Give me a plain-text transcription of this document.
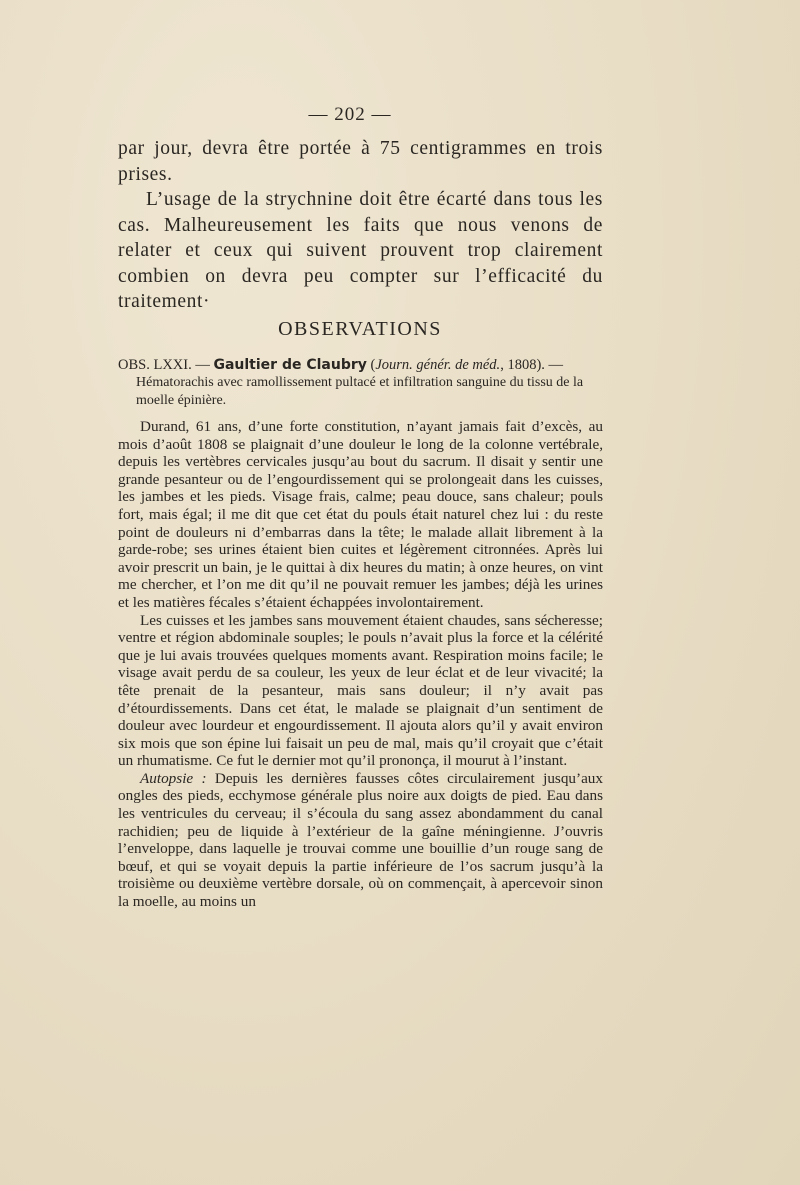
— 202 —

par jour, devra être portée à 75 centigrammes en trois prises.

L’usage de la strychnine doit être écarté dans tous les cas. Malheureusement les faits que nous venons de relater et ceux qui suivent prouvent trop clairement combien on devra peu compter sur l’efficacité du traitement·

OBSERVATIONS
OBS. LXXI. — Gaultier de Claubry (Journ. génér. de méd., 1808). —
Hématorachis avec ramollissement pultacé et infiltration sanguine du tissu de la moelle épinière.

Durand, 61 ans, d’une forte constitution, n’ayant jamais fait d’excès, au mois d’août 1808 se plaignait d’une douleur le long de la colonne vertébrale, depuis les vertèbres cervicales jusqu’au bout du sacrum. Il disait y sentir une grande pesanteur ou de l’engourdissement qui se prolongeait dans les cuisses, les jambes et les pieds. Visage frais, calme; peau douce, sans chaleur; pouls fort, mais égal; il me dit que cet état du pouls était naturel chez lui : du reste point de douleurs ni d’embarras dans la tête; le malade allait librement à la garde-robe; ses urines étaient bien cuites et légèrement citronnées. Après lui avoir prescrit un bain, je le quittai à dix heures du matin; à onze heures, on vint me chercher, et l’on me dit qu’il ne pouvait remuer les jambes; déjà les urines et les matières fécales s’étaient échappées involontairement.

Les cuisses et les jambes sans mouvement étaient chaudes, sans sécheresse; ventre et région abdominale souples; le pouls n’avait plus la force et la célérité que je lui avais trouvées quelques moments avant. Respiration moins facile; le visage avait perdu de sa couleur, les yeux de leur éclat et de leur vivacité; la tête prenait de la pesanteur, mais sans douleur; il n’y avait pas d’étourdissements. Dans cet état, le malade se plaignait d’un sentiment de douleur avec lourdeur et engourdissement. Il ajouta alors qu’il y avait environ six mois que son épine lui faisait un peu de mal, mais qu’il croyait que c’était un rhumatisme. Ce fut le dernier mot qu’il prononça, il mourut à l’instant.

Autopsie : Depuis les dernières fausses côtes circulairement jusqu’aux ongles des pieds, ecchymose générale plus noire aux doigts de pied. Eau dans les ventricules du cerveau; il s’écoula du sang assez abondamment du canal rachidien; peu de liquide à l’extérieur de la gaîne méningienne. J’ouvris l’enveloppe, dans laquelle je trouvai comme une bouillie d’un rouge sang de bœuf, et qui se voyait depuis la partie inférieure de l’os sacrum jusqu’à la troisième ou deuxième vertèbre dorsale, où on commençait, à apercevoir sinon la moelle, au moins un
